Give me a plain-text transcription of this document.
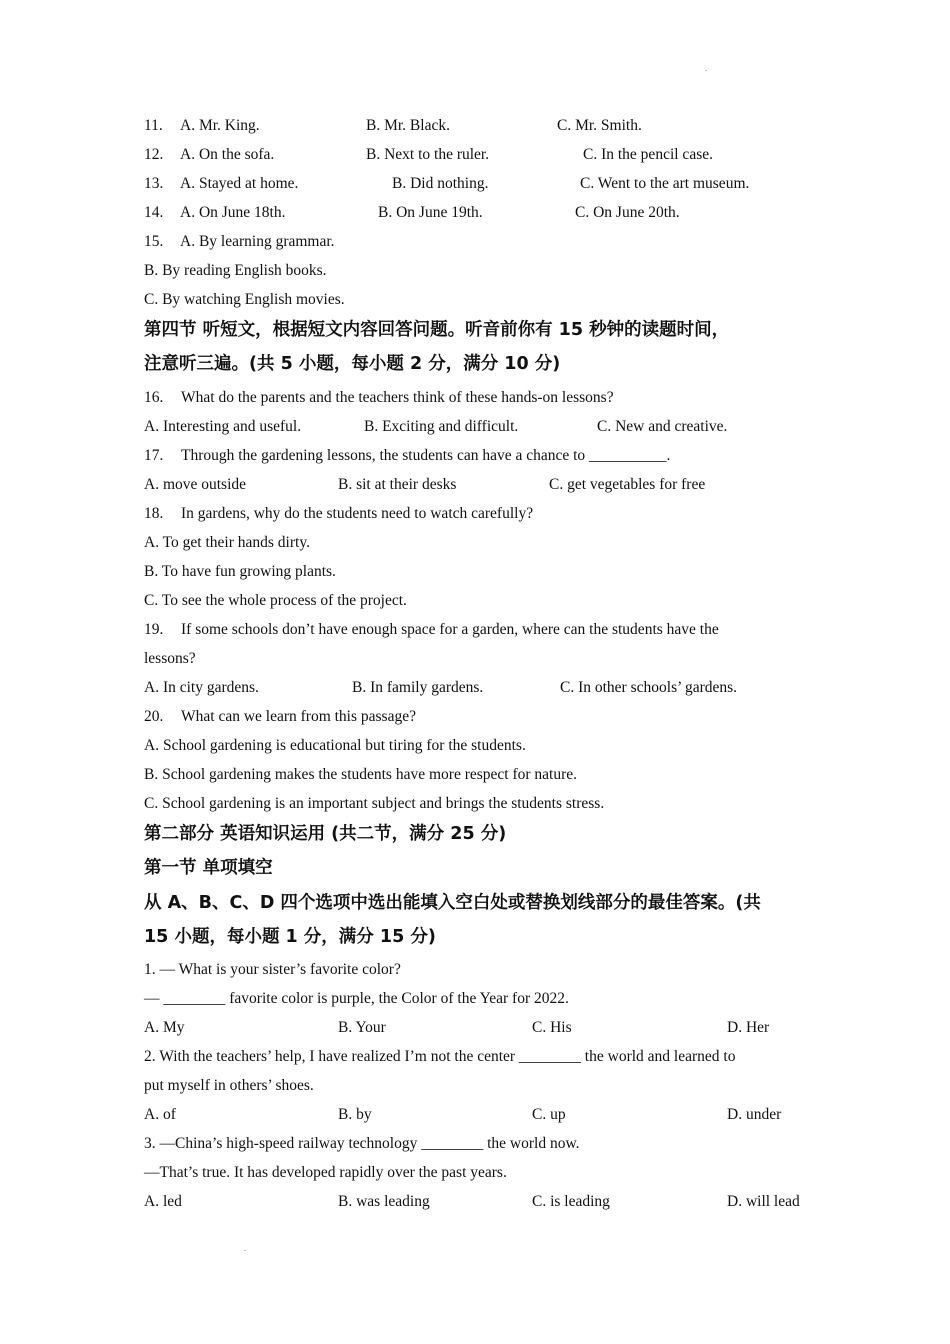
11. A. Mr. King.	B. Mr. Black.	C. Mr. Smith.
12. A. On the sofa.	B. Next to the ruler.	C. In the pencil case.
13. A. Stayed at home.	B. Did nothing.	C. Went to the art museum.
14. A. On June 18th.	B. On June 19th.	C. On June 20th.
15. A. By learning grammar.
B. By reading English books.
C. By watching English movies.
第四节 听短文，根据短文内容回答问题。听音前你有 15 秒钟的读题时间，
注意听三遍。(共 5 小题，每小题 2 分，满分 10 分)
16. What do the parents and the teachers think of these hands-on lessons?
A. Interesting and useful.	B. Exciting and difficult.	C. New and creative.
17. Through the gardening lessons, the students can have a chance to __________.
A. move outside	B. sit at their desks	C. get vegetables for free
18. In gardens, why do the students need to watch carefully?
A. To get their hands dirty.
B. To have fun growing plants.
C. To see the whole process of the project.
19. If some schools don’t have enough space for a garden, where can the students have the
lessons?
A. In city gardens.	B. In family gardens.	C. In other schools’ gardens.
20. What can we learn from this passage?
A. School gardening is educational but tiring for the students.
B. School gardening makes the students have more respect for nature.
C. School gardening is an important subject and brings the students stress.
第二部分 英语知识运用 (共二节，满分 25 分)
第一节 单项填空
从 A、B、C、D 四个选项中选出能填入空白处或替换划线部分的最佳答案。(共
15 小题，每小题 1 分，满分 15 分)
1. — What is your sister’s favorite color?
— ________ favorite color is purple, the Color of the Year for 2022.
A. My	B. Your	C. His	D. Her
2. With the teachers’ help, I have realized I’m not the center ________ the world and learned to
put myself in others’ shoes.
A. of	B. by	C. up	D. under
3. —China’s high-speed railway technology ________ the world now.
—That’s true. It has developed rapidly over the past years.
A. led	B. was leading	C. is leading	D. will lead
